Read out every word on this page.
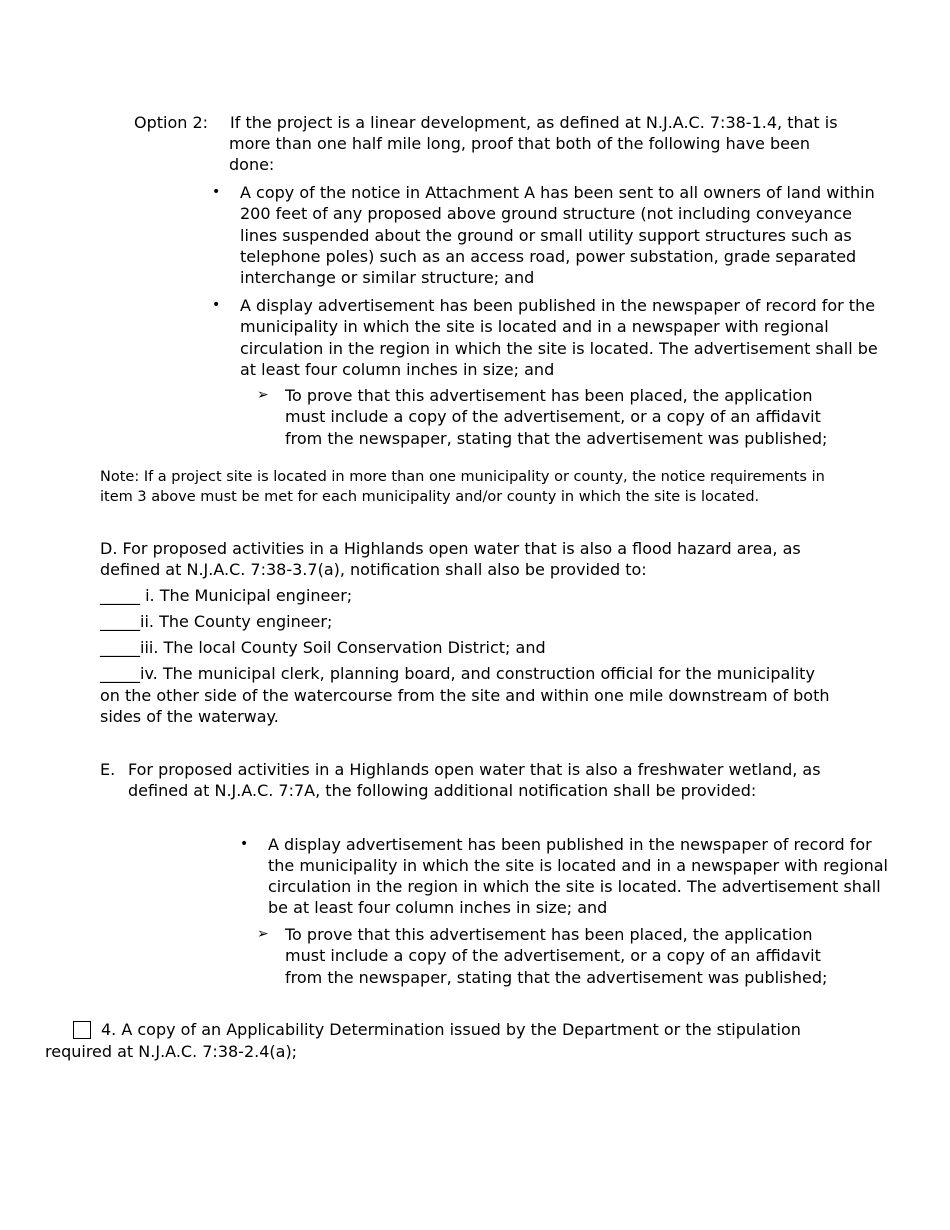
Option 2: If the project is a linear development, as defined at N.J.A.C. 7:38-1.4, that is
more than one half mile long, proof that both of the following have been
done:
• A copy of the notice in Attachment A has been sent to all owners of land within
200 feet of any proposed above ground structure (not including conveyance
lines suspended about the ground or small utility support structures such as
telephone poles) such as an access road, power substation, grade separated
interchange or similar structure; and
• A display advertisement has been published in the newspaper of record for the
municipality in which the site is located and in a newspaper with regional
circulation in the region in which the site is located. The advertisement shall be
at least four column inches in size; and
➢ To prove that this advertisement has been placed, the application
must include a copy of the advertisement, or a copy of an affidavit
from the newspaper, stating that the advertisement was published;
Note: If a project site is located in more than one municipality or county, the notice requirements in
item 3 above must be met for each municipality and/or county in which the site is located.
D. For proposed activities in a Highlands open water that is also a flood hazard area, as
defined at N.J.A.C. 7:38-3.7(a), notification shall also be provided to:
_____ i. The Municipal engineer;
_____ii. The County engineer;
_____iii. The local County Soil Conservation District; and
_____iv. The municipal clerk, planning board, and construction official for the municipality
on the other side of the watercourse from the site and within one mile downstream of both
sides of the waterway.
E. For proposed activities in a Highlands open water that is also a freshwater wetland, as
defined at N.J.A.C. 7:7A, the following additional notification shall be provided:
• A display advertisement has been published in the newspaper of record for
the municipality in which the site is located and in a newspaper with regional
circulation in the region in which the site is located. The advertisement shall
be at least four column inches in size; and
➢ To prove that this advertisement has been placed, the application
must include a copy of the advertisement, or a copy of an affidavit
from the newspaper, stating that the advertisement was published;
4. A copy of an Applicability Determination issued by the Department or the stipulation
required at N.J.A.C. 7:38-2.4(a);
